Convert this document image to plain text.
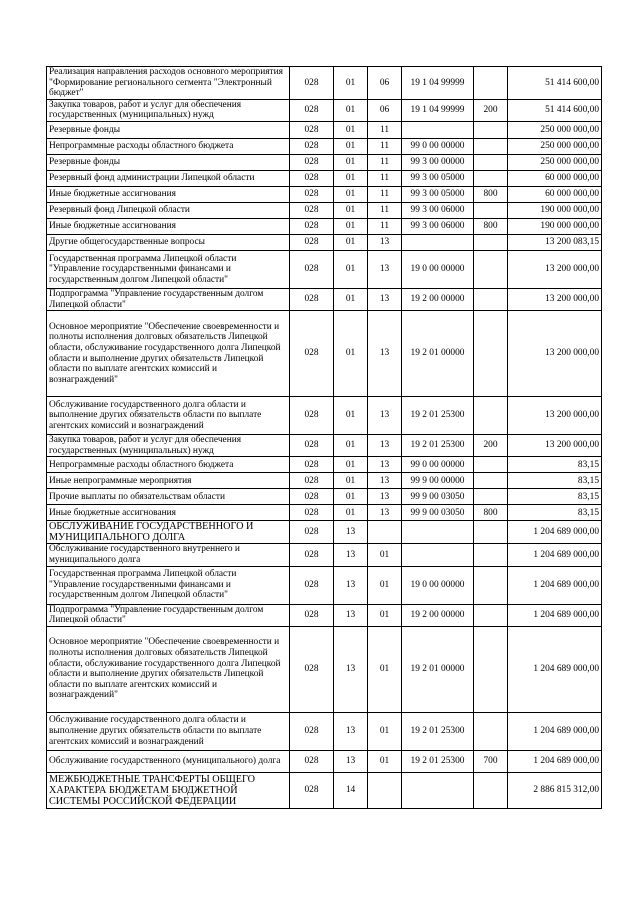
Реализация направления расходов основного мероприятия "Формирование регионального сегмента "Электронный бюджет"	028	01	06	19 1 04 99999		51 414 600,00
Закупка товаров, работ и услуг для обеспечения государственных (муниципальных) нужд	028	01	06	19 1 04 99999	200	51 414 600,00
Резервные фонды	028	01	11			250 000 000,00
Непрограммные расходы областного бюджета	028	01	11	99 0 00 00000		250 000 000,00
Резервные фонды	028	01	11	99 3 00 00000		250 000 000,00
Резервный фонд администрации Липецкой области	028	01	11	99 3 00 05000		60 000 000,00
Иные бюджетные ассигнования	028	01	11	99 3 00 05000	800	60 000 000,00
Резервный фонд Липецкой области	028	01	11	99 3 00 06000		190 000 000,00
Иные бюджетные ассигнования	028	01	11	99 3 00 06000	800	190 000 000,00
Другие общегосударственные вопросы	028	01	13			13 200 083,15
Государственная программа Липецкой области "Управление государственными финансами и государственным долгом Липецкой области"	028	01	13	19 0 00 00000		13 200 000,00
Подпрограмма "Управление государственным долгом Липецкой области"	028	01	13	19 2 00 00000		13 200 000,00
Основное мероприятие "Обеспечение своевременности и полноты исполнения долговых обязательств Липецкой области, обслуживание государственного долга Липецкой области и выполнение других обязательств Липецкой области по выплате агентских комиссий и вознаграждений"	028	01	13	19 2 01 00000		13 200 000,00
Обслуживание государственного долга области и выполнение других обязательств области по выплате агентских комиссий и вознаграждений	028	01	13	19 2 01 25300		13 200 000,00
Закупка товаров, работ и услуг для обеспечения государственных (муниципальных) нужд	028	01	13	19 2 01 25300	200	13 200 000,00
Непрограммные расходы областного бюджета	028	01	13	99 0 00 00000		83,15
Иные непрограммные мероприятия	028	01	13	99 9 00 00000		83,15
Прочие выплаты по обязательствам области	028	01	13	99 9 00 03050		83,15
Иные бюджетные ассигнования	028	01	13	99 9 00 03050	800	83,15
ОБСЛУЖИВАНИЕ ГОСУДАРСТВЕННОГО И МУНИЦИПАЛЬНОГО ДОЛГА	028	13				1 204 689 000,00
Обслуживание государственного внутреннего и муниципального долга	028	13	01			1 204 689 000,00
Государственная программа Липецкой области "Управление государственными финансами и государственным долгом Липецкой области"	028	13	01	19 0 00 00000		1 204 689 000,00
Подпрограмма "Управление государственным долгом Липецкой области"	028	13	01	19 2 00 00000		1 204 689 000,00
Основное мероприятие "Обеспечение своевременности и полноты исполнения долговых обязательств Липецкой области, обслуживание государственного долга Липецкой области и выполнение других обязательств Липецкой области по выплате агентских комиссий и вознаграждений"	028	13	01	19 2 01 00000		1 204 689 000,00
Обслуживание государственного долга области и выполнение других обязательств области по выплате агентских комиссий и вознаграждений	028	13	01	19 2 01 25300		1 204 689 000,00
Обслуживание государственного (муниципального) долга	028	13	01	19 2 01 25300	700	1 204 689 000,00
МЕЖБЮДЖЕТНЫЕ ТРАНСФЕРТЫ ОБЩЕГО ХАРАКТЕРА БЮДЖЕТАМ БЮДЖЕТНОЙ СИСТЕМЫ РОССИЙСКОЙ ФЕДЕРАЦИИ	028	14				2 886 815 312,00
